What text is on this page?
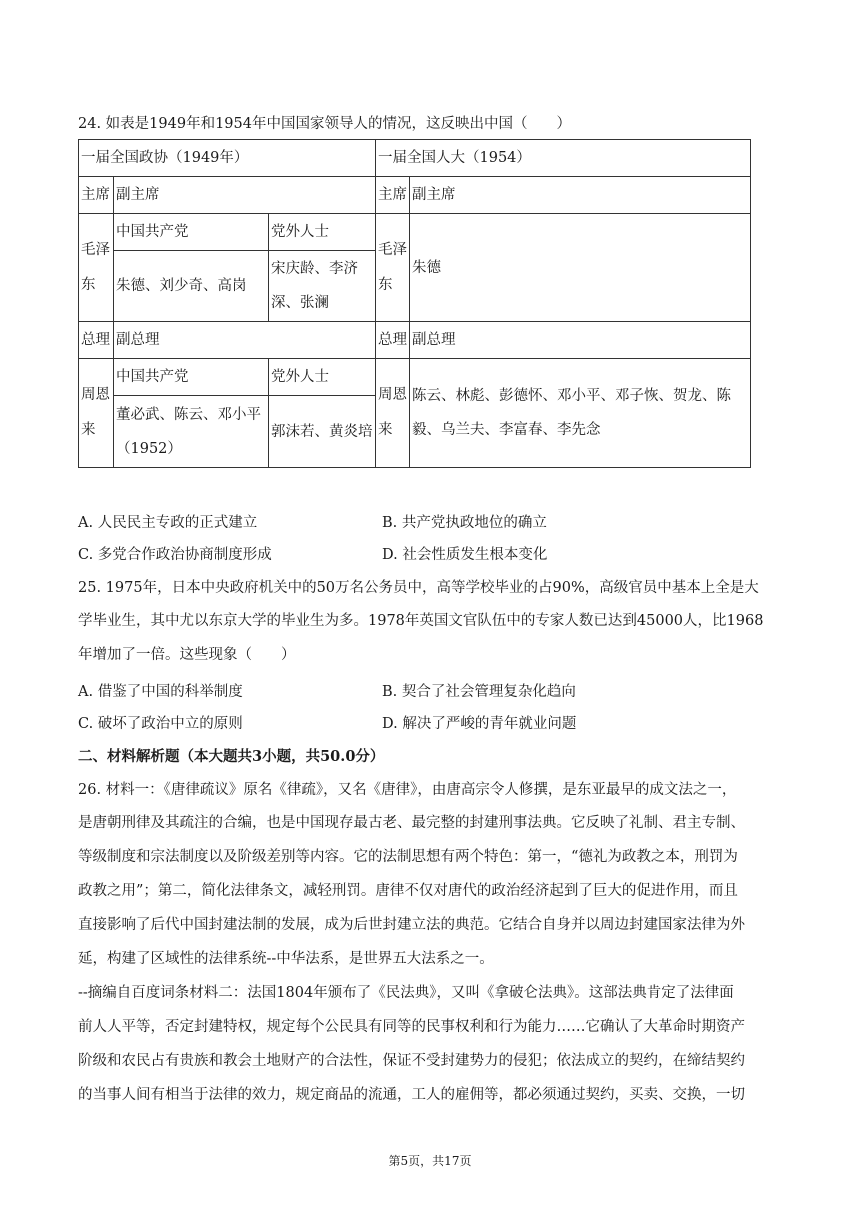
24. 如表是1949年和1954年中国国家领导人的情况，这反映出中国（　　）
一届全国政协（1949年）			一届全国人大（1954）	
主席	副主席		主席	副主席
毛泽东	中国共产党	党外人士	毛泽东	朱德
	朱德、刘少奇、高岗	宋庆龄、李济深、张澜		
总理	副总理		总理	副总理
周恩来	中国共产党	党外人士	周恩来	陈云、林彪、彭德怀、邓小平、邓子恢、贺龙、陈毅、乌兰夫、李富春、李先念
	董必武、陈云、邓小平（1952）	郭沫若、黄炎培		
A. 人民民主专政的正式建立	B. 共产党执政地位的确立
C. 多党合作政治协商制度形成	D. 社会性质发生根本变化
25. 1975年，日本中央政府机关中的50万名公务员中，高等学校毕业的占90%，高级官员中基本上全是大
学毕业生，其中尤以东京大学的毕业生为多。1978年英国文官队伍中的专家人数已达到45000人，比1968
年增加了一倍。这些现象（　　）
A. 借鉴了中国的科举制度	B. 契合了社会管理复杂化趋向
C. 破坏了政治中立的原则	D. 解决了严峻的青年就业问题
二、材料解析题（本大题共3小题，共50.0分）
26. 材料一：《唐律疏议》原名《律疏》，又名《唐律》，由唐高宗令人修撰，是东亚最早的成文法之一，
是唐朝刑律及其疏注的合编，也是中国现存最古老、最完整的封建刑事法典。它反映了礼制、君主专制、
等级制度和宗法制度以及阶级差别等内容。它的法制思想有两个特色：第一，“德礼为政教之本，刑罚为
政教之用”；第二，简化法律条文，减轻刑罚。唐律不仅对唐代的政治经济起到了巨大的促进作用，而且
直接影响了后代中国封建法制的发展，成为后世封建立法的典范。它结合自身并以周边封建国家法律为外
延，构建了区域性的法律系统--中华法系，是世界五大法系之一。
--摘编自百度词条材料二：法国1804年颁布了《民法典》，又叫《拿破仑法典》。这部法典肯定了法律面
前人人平等，否定封建特权，规定每个公民具有同等的民事权利和行为能力……它确认了大革命时期资产
阶级和农民占有贵族和教会土地财产的合法性，保证不受封建势力的侵犯；依法成立的契约，在缔结契约
的当事人间有相当于法律的效力，规定商品的流通，工人的雇佣等，都必须通过契约，买卖、交换，一切
第5页，共17页
